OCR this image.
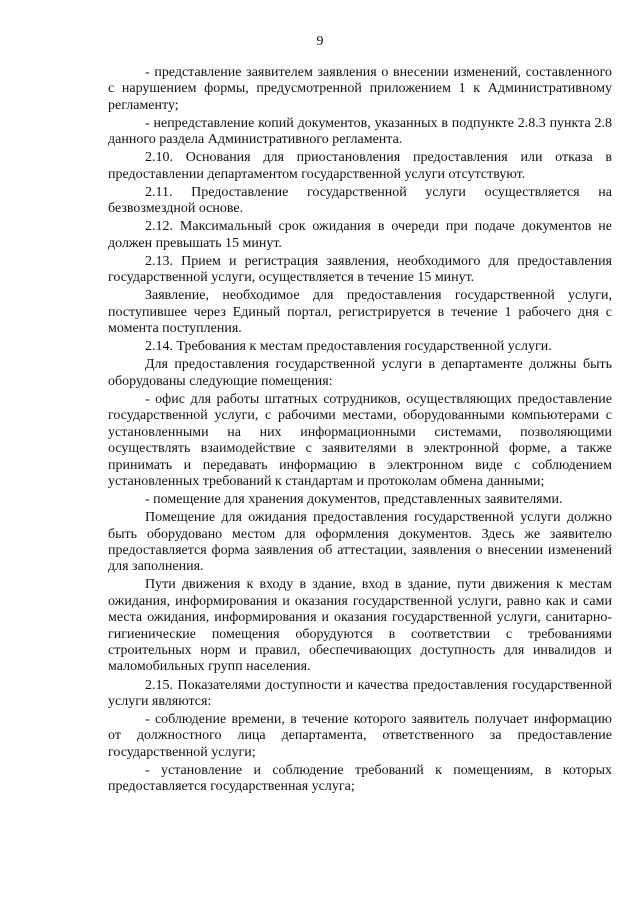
9

- представление заявителем заявления о внесении изменений, составленного с нарушением формы, предусмотренной приложением 1 к Административному регламенту;

- непредставление копий документов, указанных в подпункте 2.8.3 пункта 2.8 данного раздела Административного регламента.

2.10. Основания для приостановления предоставления или отказа в предоставлении департаментом государственной услуги отсутствуют.

2.11. Предоставление государственной услуги осуществляется на безвозмездной основе.

2.12. Максимальный срок ожидания в очереди при подаче документов не должен превышать 15 минут.

2.13. Прием и регистрация заявления, необходимого для предоставления государственной услуги, осуществляется в течение 15 минут.

Заявление, необходимое для предоставления государственной услуги, поступившее через Единый портал, регистрируется в течение 1 рабочего дня с момента поступления.

2.14. Требования к местам предоставления государственной услуги.

Для предоставления государственной услуги в департаменте должны быть оборудованы следующие помещения:

- офис для работы штатных сотрудников, осуществляющих предоставление государственной услуги, с рабочими местами, оборудованными компьютерами с установленными на них информационными системами, позволяющими осуществлять взаимодействие с заявителями в электронной форме, а также принимать и передавать информацию в электронном виде с соблюдением установленных требований к стандартам и протоколам обмена данными;

- помещение для хранения документов, представленных заявителями.

Помещение для ожидания предоставления государственной услуги должно быть оборудовано местом для оформления документов. Здесь же заявителю предоставляется форма заявления об аттестации, заявления о внесении изменений для заполнения.

Пути движения к входу в здание, вход в здание, пути движения к местам ожидания, информирования и оказания государственной услуги, равно как и сами места ожидания, информирования и оказания государственной услуги, санитарно-гигиенические помещения оборудуются в соответствии с требованиями строительных норм и правил, обеспечивающих доступность для инвалидов и маломобильных групп населения.

2.15. Показателями доступности и качества предоставления государственной услуги являются:

- соблюдение времени, в течение которого заявитель получает информацию от должностного лица департамента, ответственного за предоставление государственной услуги;

- установление и соблюдение требований к помещениям, в которых предоставляется государственная услуга;
